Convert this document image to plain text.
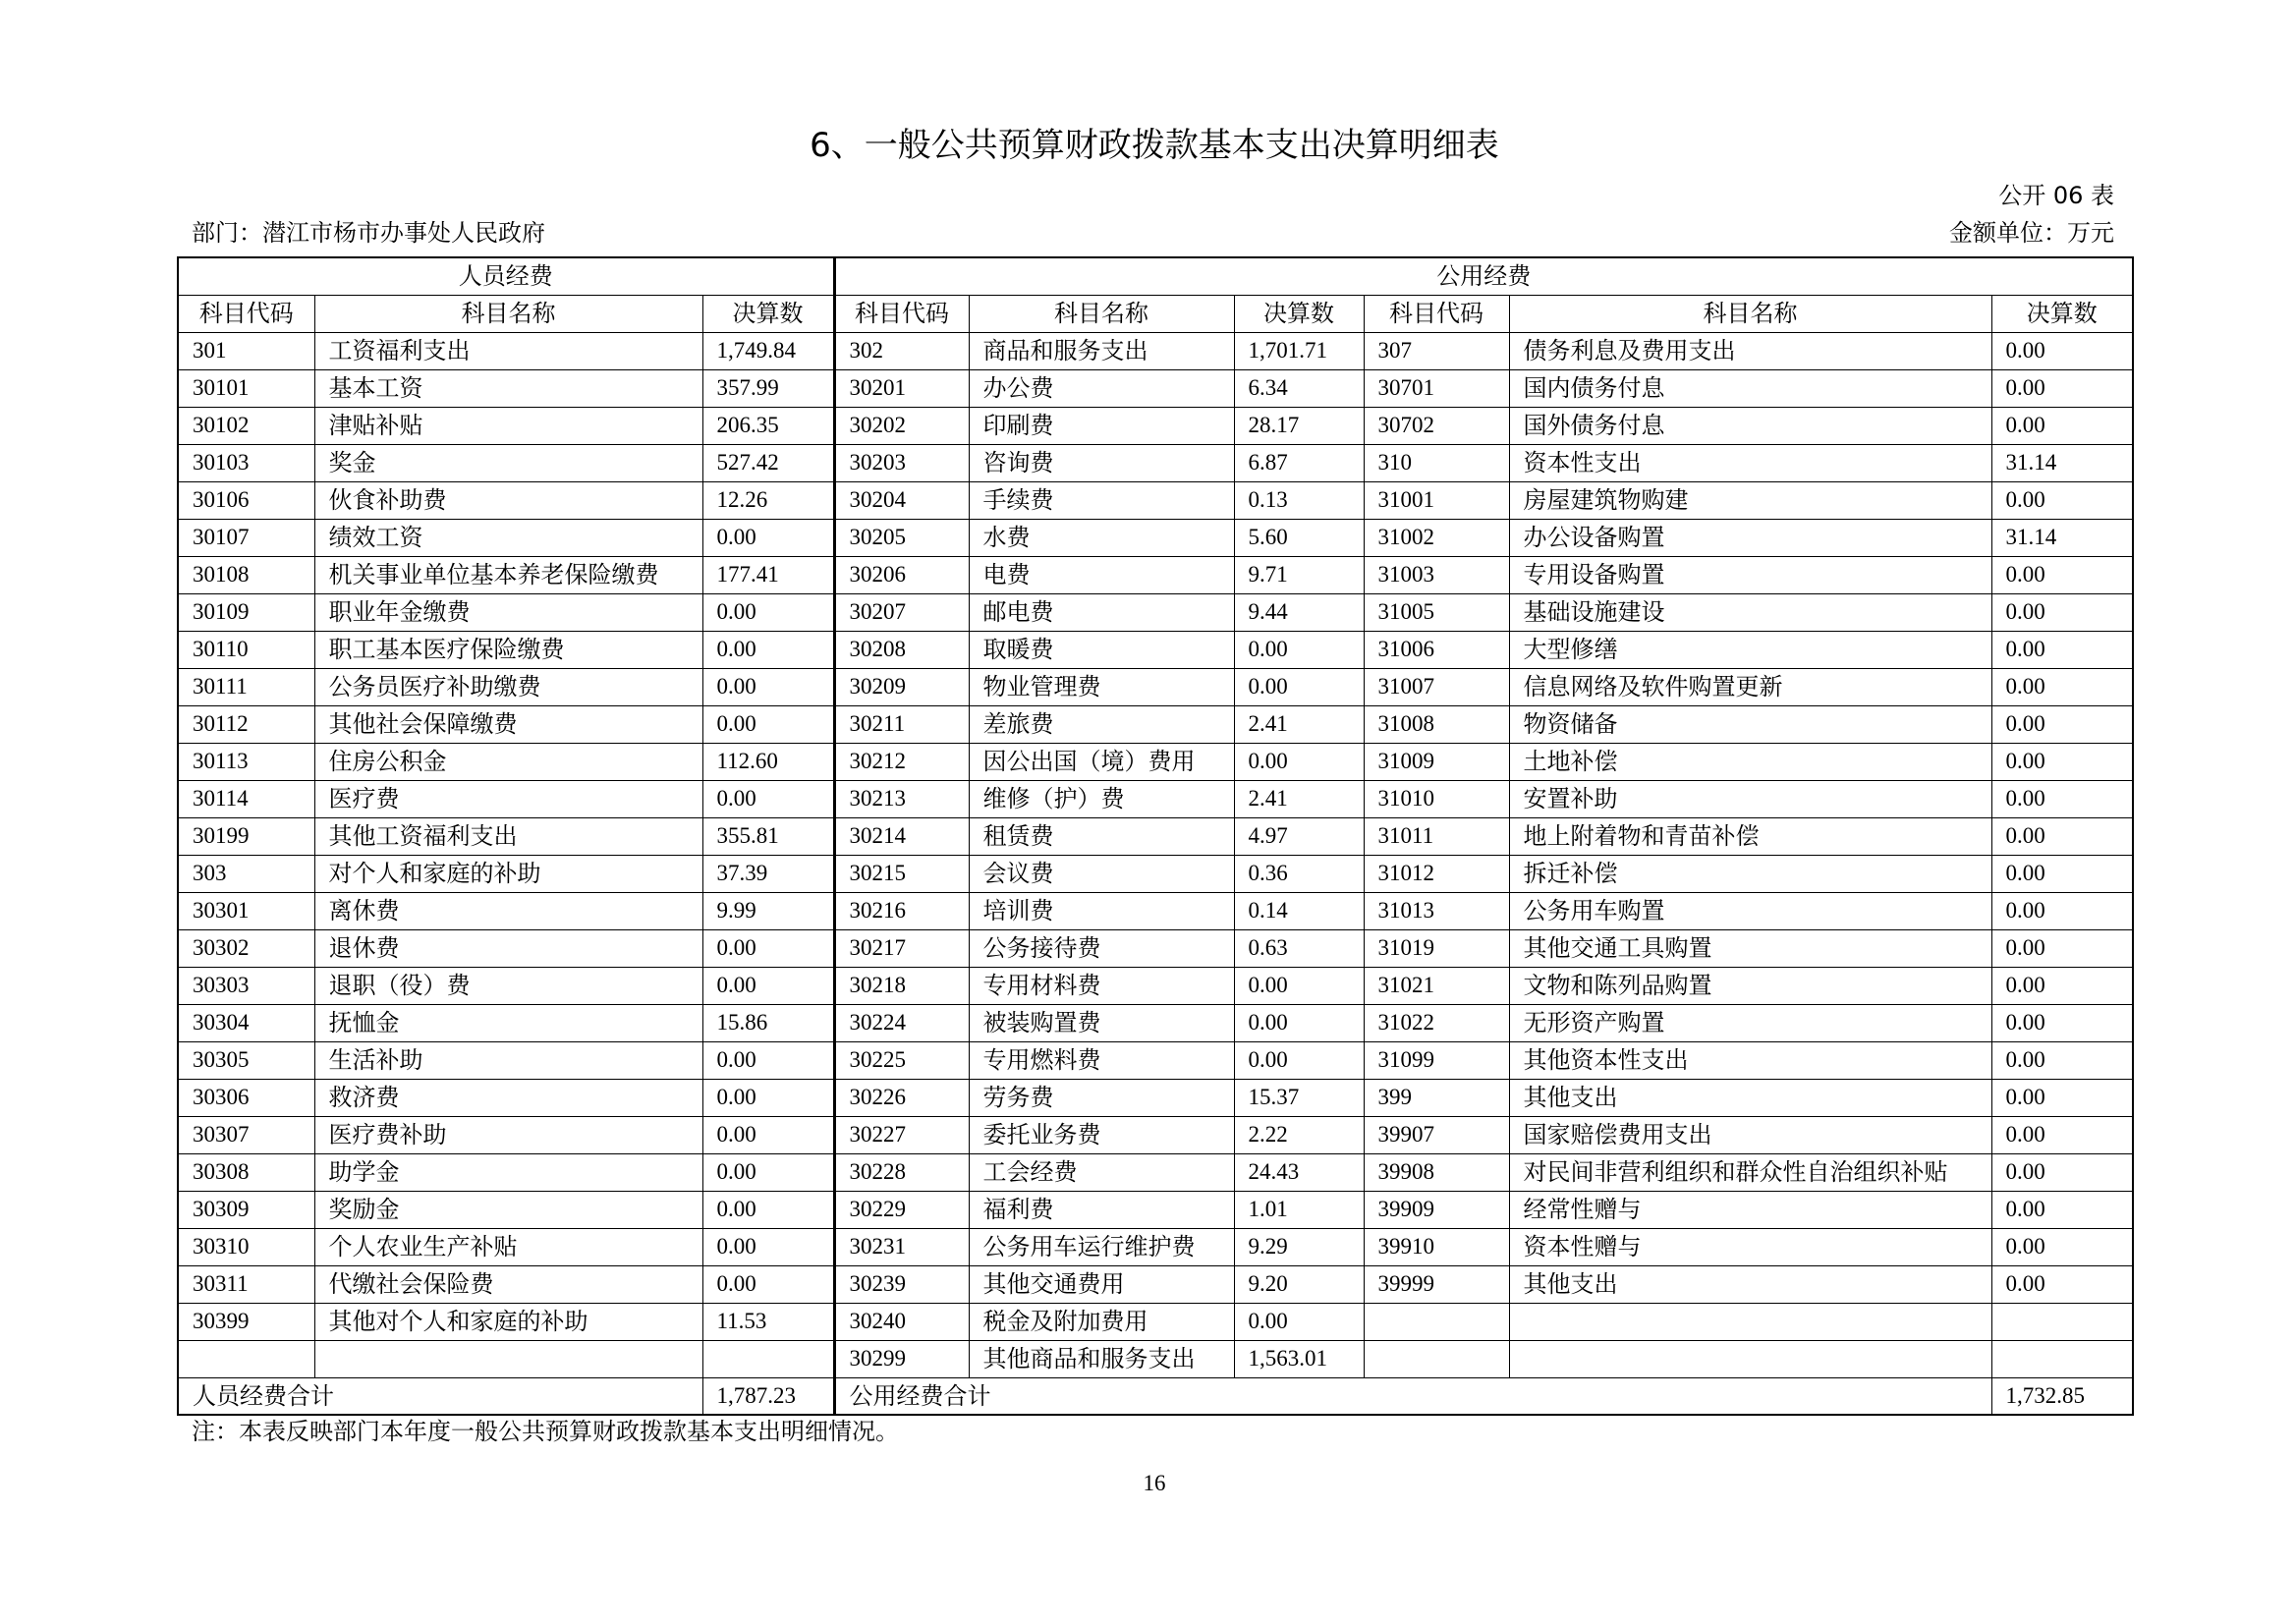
6、一般公共预算财政拨款基本支出决算明细表
公开 06 表
部门：潜江市杨市办事处人民政府	金额单位：万元
人员经费			公用经费					
科目代码	科目名称	决算数	科目代码	科目名称	决算数	科目代码	科目名称	决算数
301	工资福利支出	1,749.84	302	商品和服务支出	1,701.71	307	债务利息及费用支出	0.00
30101	基本工资	357.99	30201	办公费	6.34	30701	国内债务付息	0.00
30102	津贴补贴	206.35	30202	印刷费	28.17	30702	国外债务付息	0.00
30103	奖金	527.42	30203	咨询费	6.87	310	资本性支出	31.14
30106	伙食补助费	12.26	30204	手续费	0.13	31001	房屋建筑物购建	0.00
30107	绩效工资	0.00	30205	水费	5.60	31002	办公设备购置	31.14
30108	机关事业单位基本养老保险缴费	177.41	30206	电费	9.71	31003	专用设备购置	0.00
30109	职业年金缴费	0.00	30207	邮电费	9.44	31005	基础设施建设	0.00
30110	职工基本医疗保险缴费	0.00	30208	取暖费	0.00	31006	大型修缮	0.00
30111	公务员医疗补助缴费	0.00	30209	物业管理费	0.00	31007	信息网络及软件购置更新	0.00
30112	其他社会保障缴费	0.00	30211	差旅费	2.41	31008	物资储备	0.00
30113	住房公积金	112.60	30212	因公出国（境）费用	0.00	31009	土地补偿	0.00
30114	医疗费	0.00	30213	维修（护）费	2.41	31010	安置补助	0.00
30199	其他工资福利支出	355.81	30214	租赁费	4.97	31011	地上附着物和青苗补偿	0.00
303	对个人和家庭的补助	37.39	30215	会议费	0.36	31012	拆迁补偿	0.00
30301	离休费	9.99	30216	培训费	0.14	31013	公务用车购置	0.00
30302	退休费	0.00	30217	公务接待费	0.63	31019	其他交通工具购置	0.00
30303	退职（役）费	0.00	30218	专用材料费	0.00	31021	文物和陈列品购置	0.00
30304	抚恤金	15.86	30224	被装购置费	0.00	31022	无形资产购置	0.00
30305	生活补助	0.00	30225	专用燃料费	0.00	31099	其他资本性支出	0.00
30306	救济费	0.00	30226	劳务费	15.37	399	其他支出	0.00
30307	医疗费补助	0.00	30227	委托业务费	2.22	39907	国家赔偿费用支出	0.00
30308	助学金	0.00	30228	工会经费	24.43	39908	对民间非营利组织和群众性自治组织补贴	0.00
30309	奖励金	0.00	30229	福利费	1.01	39909	经常性赠与	0.00
30310	个人农业生产补贴	0.00	30231	公务用车运行维护费	9.29	39910	资本性赠与	0.00
30311	代缴社会保险费	0.00	30239	其他交通费用	9.20	39999	其他支出	0.00
30399	其他对个人和家庭的补助	11.53	30240	税金及附加费用	0.00			
			30299	其他商品和服务支出	1,563.01			
人员经费合计		1,787.23	公用经费合计					1,732.85
注：本表反映部门本年度一般公共预算财政拨款基本支出明细情况。
16
